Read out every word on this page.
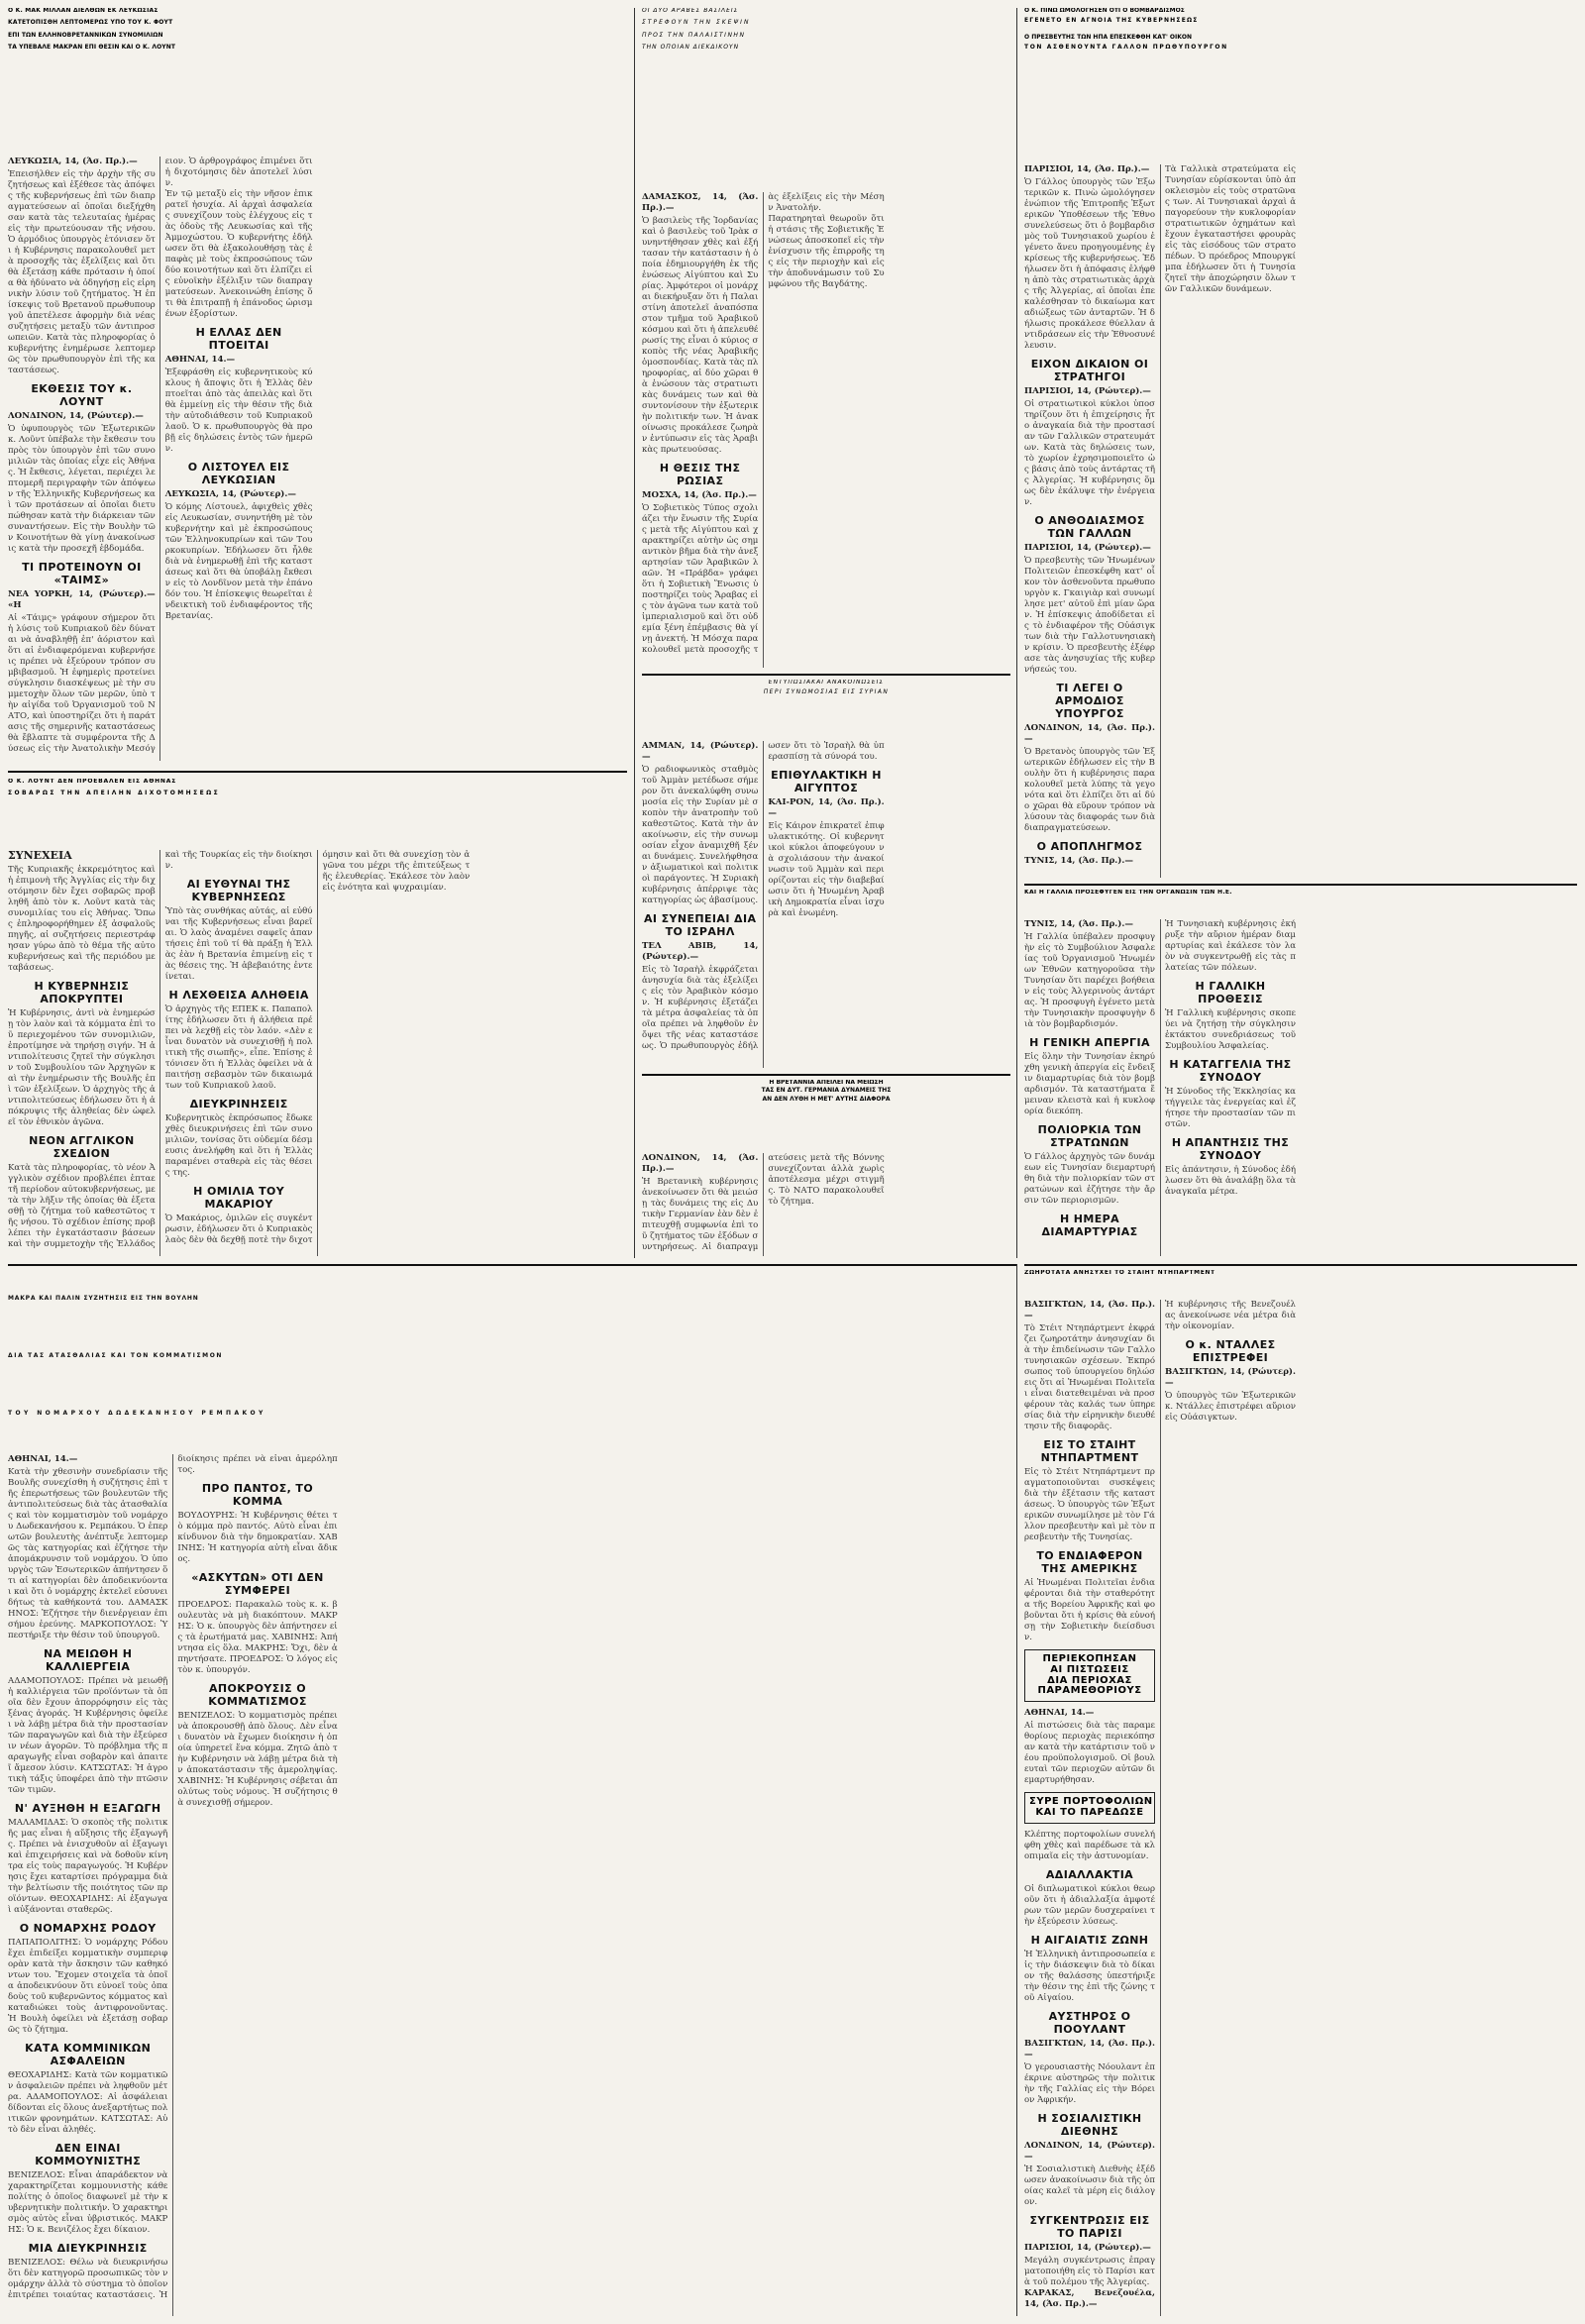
Ο Κ. ΜΑΚ ΜΙΛΛΑΝ ΔΙΕΛΘΩΝ ΕΚ ΛΕΥΚΩΣΙΑΣ
ΚΑΤΕΤΟΠΙΣΘΗ ΛΕΠΤΟΜΕΡΩΣ ΥΠΟ ΤΟΥ Κ. ΦΟΥΤ
ΕΠΙ ΤΩΝ ΕΛΛΗΝΟΒΡΕΤΑΝΝΙΚΩΝ ΣΥΝΟΜΙΛΙΩΝ
ΤΑ ΥΠΕΒΑΛΕ ΜΑΚΡΑΝ ΕΠΙ ΘΕΣΙΝ ΚΑΙ Ο Κ. ΛΟΥΝΤ

ΛΕΥΚΩΣΙΑ, 14, (Άσ. Πρ.).—

Ἐπεισήλθεν εἰς τὴν ἀρχὴν τῆς συζητήσεως καὶ ἐξέθεσε τὰς ἀπόψεις τῆς κυβερνήσεως ἐπὶ τῶν διαπραγματεύσεων αἱ ὁποῖαι διεξήχθησαν κατὰ τὰς τελευταίας ἡμέρας εἰς τὴν πρωτεύουσαν τῆς νήσου. Ὁ ἀρμόδιος ὑπουργὸς ἐτόνισεν ὅτι ἡ Κυβέρνησις παρακολουθεῖ μετὰ προσοχῆς τὰς ἐξελίξεις καὶ ὅτι θὰ ἐξετάσῃ κάθε πρότασιν ἡ ὁποία θὰ ἠδύνατο νὰ ὁδηγήσῃ εἰς εἰρηνικὴν λύσιν τοῦ ζητήματος. Ἡ ἐπίσκεψις τοῦ Βρετανοῦ πρωθυπουργοῦ ἀπετέλεσε ἀφορμὴν διὰ νέας συζητήσεις μεταξὺ τῶν ἀντιπροσωπειῶν. Κατὰ τὰς πληροφορίας ὁ κυβερνήτης ἐνημέρωσε λεπτομερῶς τὸν πρωθυπουργὸν ἐπὶ τῆς καταστάσεως.
ΕΚΘΕΣΙΣ ΤΟΥ κ. ΛΟΥΝΤ

ΛΟΝΔΙΝΟΝ, 14, (Ρώυτερ).—

Ὁ ὑφυπουργὸς τῶν Ἐξωτερικῶν κ. Λοῦντ ὑπέβαλε τὴν ἔκθεσιν του πρὸς τὸν ὑπουργὸν ἐπὶ τῶν συνομιλιῶν τὰς ὁποίας εἶχε εἰς Ἀθήνας. Ἡ ἔκθεσις, λέγεται, περιέχει λεπτομερῆ περιγραφὴν τῶν ἀπόψεων τῆς Ἑλληνικῆς Κυβερνήσεως καὶ τῶν προτάσεων αἱ ὁποῖαι διετυπώθησαν κατὰ τὴν διάρκειαν τῶν συναντήσεων. Εἰς τὴν Βουλὴν τῶν Κοινοτήτων θὰ γίνῃ ἀνακοίνωσις κατὰ τὴν προσεχῆ ἑβδομάδα.
ΤΙ ΠΡΟΤΕΙΝΟΥΝ ΟΙ «ΤΑΙΜΣ»

ΝΕΑ ΥΟΡΚΗ, 14, (Ρώυτερ).— «Η

Αἱ «Τάιμς» γράφουν σήμερον ὅτι ἡ λύσις τοῦ Κυπριακοῦ δὲν δύναται νὰ ἀναβληθῇ ἐπ' ἀόριστον καὶ ὅτι αἱ ἐνδιαφερόμεναι κυβερνήσεις πρέπει νὰ ἐξεύρουν τρόπον συμβιβασμοῦ. Ἡ ἐφημερὶς προτείνει σύγκλησιν διασκέψεως μὲ τὴν συμμετοχὴν ὅλων τῶν μερῶν, ὑπὸ τὴν αἰγίδα τοῦ Ὀργανισμοῦ τοῦ ΝΑΤΟ, καὶ ὑποστηρίζει ὅτι ἡ παράτασις τῆς σημερινῆς καταστάσεως θὰ ἔβλαπτε τὰ συμφέροντα τῆς Δύσεως εἰς τὴν Ἀνατολικὴν Μεσόγειον. Ὁ ἀρθρογράφος ἐπιμένει ὅτι ἡ διχοτόμησις δὲν ἀποτελεῖ λύσιν.
Ἐν τῷ μεταξὺ εἰς τὴν νῆσον ἐπικρατεῖ ἡσυχία. Αἱ ἀρχαὶ ἀσφαλείας συνεχίζουν τοὺς ἐλέγχους εἰς τὰς ὁδοὺς τῆς Λευκωσίας καὶ τῆς Ἀμμοχώστου. Ὁ κυβερνήτης ἐδήλωσεν ὅτι θὰ ἐξακολουθήσῃ τὰς ἐπαφὰς μὲ τοὺς ἐκπροσώπους τῶν δύο κοινοτήτων καὶ ὅτι ἐλπίζει εἰς εὐνοϊκὴν ἐξέλιξιν τῶν διαπραγματεύσεων. Ἀνεκοινώθη ἐπίσης ὅτι θὰ ἐπιτραπῇ ἡ ἐπάνοδος ὡρισμένων ἐξορίστων.
Η ΕΛΛΑΣ ΔΕΝ ΠΤΟΕΙΤΑΙ

ΑΘΗΝΑΙ, 14.—

Ἐξεφράσθη εἰς κυβερνητικοὺς κύκλους ἡ ἄποψις ὅτι ἡ Ἑλλὰς δὲν πτοεῖται ἀπὸ τὰς ἀπειλὰς καὶ ὅτι θὰ ἐμμείνῃ εἰς τὴν θέσιν τῆς διὰ τὴν αὐτοδιάθεσιν τοῦ Κυπριακοῦ λαοῦ. Ὁ κ. πρωθυπουργὸς θὰ προβῇ εἰς δηλώσεις ἐντὸς τῶν ἡμερῶν.
Ο ΛΙΣΤΟΥΕΛ ΕΙΣ ΛΕΥΚΩΣΙΑΝ

ΛΕΥΚΩΣΙΑ, 14, (Ρώυτερ).—

Ὁ κόμης Λίστουελ, ἀφιχθεὶς χθὲς εἰς Λευκωσίαν, συνηντήθη μὲ τὸν κυβερνήτην καὶ μὲ ἐκπροσώπους τῶν Ἑλληνοκυπρίων καὶ τῶν Τουρκοκυπρίων. Ἐδήλωσεν ὅτι ἦλθε διὰ νὰ ἐνημερωθῇ ἐπὶ τῆς καταστάσεως καὶ ὅτι θὰ ὑποβάλῃ ἔκθεσιν εἰς τὸ Λονδῖνον μετὰ τὴν ἐπάνοδόν του. Ἡ ἐπίσκεψις θεωρεῖται ἐνδεικτικὴ τοῦ ἐνδιαφέροντος τῆς Βρετανίας.
Ο Κ. ΛΟΥΝΤ ΔΕΝ ΠΡΟΕΒΑΛΕΝ ΕΙΣ ΑΘΗΝΑΣ
ΣΟΒΑΡΩΣ ΤΗΝ ΑΠΕΙΛΗΝ ΔΙΧΟΤΟΜΗΣΕΩΣ

ΣΥΝΕΧΕΙΑ

Τῆς Κυπριακῆς ἐκκρεμότητος καὶ ἡ ἐπιμονὴ τῆς Ἀγγλίας εἰς τὴν διχοτόμησιν δὲν ἔχει σοβαρῶς προβληθῆ ἀπὸ τὸν κ. Λοῦντ κατὰ τὰς συνομιλίας του εἰς Ἀθήνας. Ὅπως ἐπληροφορήθημεν ἐξ ἀσφαλοῦς πηγῆς, αἱ συζητήσεις περιεστράφησαν γύρω ἀπὸ τὸ θέμα τῆς αὐτοκυβερνήσεως καὶ τῆς περιόδου μεταβάσεως.
Η ΚΥΒΕΡΝΗΣΙΣ ΑΠΟΚΡΥΠΤΕΙ
Ἡ Κυβέρνησις, ἀντὶ νὰ ἐνημερώσῃ τὸν λαὸν καὶ τὰ κόμματα ἐπὶ τοῦ περιεχομένου τῶν συνομιλιῶν, ἐπροτίμησε νὰ τηρήσῃ σιγήν. Ἡ ἀντιπολίτευσις ζητεῖ τὴν σύγκλησιν τοῦ Συμβουλίου τῶν Ἀρχηγῶν καὶ τὴν ἐνημέρωσιν τῆς Βουλῆς ἐπὶ τῶν ἐξελίξεων. Ὁ ἀρχηγὸς τῆς ἀντιπολιτεύσεως ἐδήλωσεν ὅτι ἡ ἀπόκρυψις τῆς ἀληθείας δὲν ὠφελεῖ τὸν ἐθνικὸν ἀγῶνα.
ΝΕΟΝ ΑΓΓΛΙΚΟΝ ΣΧΕΔΙΟΝ
Κατὰ τὰς πληροφορίας, τὸ νέον Ἀγγλικὸν σχέδιον προβλέπει ἑπταετῆ περίοδον αὐτοκυβερνήσεως, μετὰ τὴν λῆξιν τῆς ὁποίας θὰ ἐξετασθῇ τὸ ζήτημα τοῦ καθεστῶτος τῆς νήσου. Τὸ σχέδιον ἐπίσης προβλέπει τὴν ἐγκατάστασιν βάσεων καὶ τὴν συμμετοχὴν τῆς Ἑλλάδος καὶ τῆς Τουρκίας εἰς τὴν διοίκησιν.
ΑΙ ΕΥΘΥΝΑΙ ΤΗΣ ΚΥΒΕΡΝΗΣΕΩΣ
Ὑπὸ τὰς συνθήκας αὐτάς, αἱ εὐθύναι τῆς Κυβερνήσεως εἶναι βαρεῖαι. Ὁ λαὸς ἀναμένει σαφεῖς ἀπαντήσεις ἐπὶ τοῦ τί θὰ πράξῃ ἡ Ἑλλὰς ἐὰν ἡ Βρετανία ἐπιμείνῃ εἰς τὰς θέσεις της. Ἡ ἀβεβαιότης ἐντείνεται.
Η ΛΕΧΘΕΙΣΑ ΑΛΗΘΕΙΑ
Ὁ ἀρχηγὸς τῆς ΕΠΕΚ κ. Παπαπολίτης ἐδήλωσεν ὅτι ἡ ἀλήθεια πρέπει νὰ λεχθῇ εἰς τὸν λαόν. «Δὲν εἶναι δυνατὸν νὰ συνεχισθῇ ἡ πολιτικὴ τῆς σιωπῆς», εἶπε. Ἐπίσης ἐτόνισεν ὅτι ἡ Ἑλλὰς ὀφείλει νὰ ἀπαιτήσῃ σεβασμὸν τῶν δικαιωμάτων τοῦ Κυπριακοῦ λαοῦ.
ΔΙΕΥΚΡΙΝΗΣΕΙΣ
Κυβερνητικὸς ἐκπρόσωπος ἔδωκε χθὲς διευκρινήσεις ἐπὶ τῶν συνομιλιῶν, τονίσας ὅτι οὐδεμία δέσμευσις ἀνελήφθη καὶ ὅτι ἡ Ἑλλὰς παραμένει σταθερὰ εἰς τὰς θέσεις της.
Η ΟΜΙΛΙΑ ΤΟΥ ΜΑΚΑΡΙΟΥ
Ὁ Μακάριος, ὁμιλῶν εἰς συγκέντρωσιν, ἐδήλωσεν ὅτι ὁ Κυπριακὸς λαὸς δὲν θὰ δεχθῇ ποτὲ τὴν διχοτόμησιν καὶ ὅτι θὰ συνεχίσῃ τὸν ἀγῶνα του μέχρι τῆς ἐπιτεύξεως τῆς ἐλευθερίας. Ἐκάλεσε τὸν λαὸν εἰς ἑνότητα καὶ ψυχραιμίαν.
ΟΙ ΔΥΟ ΑΡΑΒΕΣ ΒΑΣΙΛΕΙΣ
ΣΤΡΕΦΟΥΝ ΤΗΝ ΣΚΕΨΙΝ
ΠΡΟΣ ΤΗΝ ΠΑΛΑΙΣΤΙΝΗΝ
ΤΗΝ ΟΠΟΙΑΝ ΔΙΕΚΔΙΚΟΥΝ

ΔΑΜΑΣΚΟΣ, 14, (Άσ. Πρ.).—

Ὁ βασιλεὺς τῆς Ἰορδανίας καὶ ὁ βασιλεὺς τοῦ Ἰρὰκ συνηντήθησαν χθὲς καὶ ἐξήτασαν τὴν κατάστασιν ἡ ὁποία ἐδημιουργήθη ἐκ τῆς ἑνώσεως Αἰγύπτου καὶ Συρίας. Ἀμφότεροι οἱ μονάρχαι διεκήρυξαν ὅτι ἡ Παλαιστίνη ἀποτελεῖ ἀναπόσπαστον τμῆμα τοῦ Ἀραβικοῦ κόσμου καὶ ὅτι ἡ ἀπελευθέρωσίς της εἶναι ὁ κύριος σκοπὸς τῆς νέας Ἀραβικῆς ὁμοσπονδίας. Κατὰ τὰς πληροφορίας, αἱ δύο χῶραι θὰ ἑνώσουν τὰς στρατιωτικὰς δυνάμεις των καὶ θὰ συντονίσουν τὴν ἐξωτερικὴν πολιτικήν των. Ἡ ἀνακοίνωσις προκάλεσε ζωηρὰν ἐντύπωσιν εἰς τὰς Ἀραβικὰς πρωτευούσας.
Η ΘΕΣΙΣ ΤΗΣ ΡΩΣΙΑΣ

ΜΟΣΧΑ, 14, (Άσ. Πρ.).—

Ὁ Σοβιετικὸς Τύπος σχολιάζει τὴν ἕνωσιν τῆς Συρίας μετὰ τῆς Αἰγύπτου καὶ χαρακτηρίζει αὐτὴν ὡς σημαντικὸν βῆμα διὰ τὴν ἀνεξαρτησίαν τῶν Ἀραβικῶν λαῶν. Ἡ «Πράβδα» γράφει ὅτι ἡ Σοβιετικὴ Ἕνωσις ὑποστηρίζει τοὺς Ἄραβας εἰς τὸν ἀγῶνα των κατὰ τοῦ ἱμπεριαλισμοῦ καὶ ὅτι οὐδεμία ξένη ἐπέμβασις θὰ γίνῃ ἀνεκτή. Ἡ Μόσχα παρακολουθεῖ μετὰ προσοχῆς τὰς ἐξελίξεις εἰς τὴν Μέσην Ἀνατολήν.
Παρατηρηταὶ θεωροῦν ὅτι ἡ στάσις τῆς Σοβιετικῆς Ἑνώσεως ἀποσκοπεῖ εἰς τὴν ἐνίσχυσιν τῆς ἐπιρροῆς της εἰς τὴν περιοχὴν καὶ εἰς τὴν ἀποδυνάμωσιν τοῦ Συμφώνου τῆς Βαγδάτης.
ΕΝΤΥΠΩΣΙΑΚΑΙ ΑΝΑΚΟΙΝΩΣΕΙΣ
ΠΕΡΙ ΣΥΝΩΜΟΣΙΑΣ ΕΙΣ ΣΥΡΙΑΝ

ΑΜΜΑΝ, 14, (Ρώυτερ).—

Ὁ ραδιοφωνικὸς σταθμὸς τοῦ Ἀμμὰν μετέδωσε σήμερον ὅτι ἀνεκαλύφθη συνωμοσία εἰς τὴν Συρίαν μὲ σκοπὸν τὴν ἀνατροπὴν τοῦ καθεστῶτος. Κατὰ τὴν ἀνακοίνωσιν, εἰς τὴν συνωμοσίαν εἶχον ἀναμιχθῆ ξέναι δυνάμεις. Συνελήφθησαν ἀξιωματικοὶ καὶ πολιτικοὶ παράγοντες. Ἡ Συριακὴ κυβέρνησις ἀπέρριψε τὰς κατηγορίας ὡς ἀβασίμους.
ΑΙ ΣΥΝΕΠΕΙΑΙ ΔΙΑ ΤΟ ΙΣΡΑΗΛ

ΤΕΛ ΑΒΙΒ, 14, (Ρώυτερ).—

Εἰς τὸ Ἰσραὴλ ἐκφράζεται ἀνησυχία διὰ τὰς ἐξελίξεις εἰς τὸν Ἀραβικὸν κόσμον. Ἡ κυβέρνησις ἐξετάζει τὰ μέτρα ἀσφαλείας τὰ ὁποῖα πρέπει νὰ ληφθοῦν ἐν ὄψει τῆς νέας καταστάσεως. Ὁ πρωθυπουργὸς ἐδήλωσεν ὅτι τὸ Ἰσραὴλ θὰ ὑπερασπίσῃ τὰ σύνορά του.
ΕΠΙΘΥΛΑΚΤΙΚΗ Η ΑΙΓΥΠΤΟΣ

ΚΑΙ-ΡΟΝ, 14, (Άσ. Πρ.).—

Εἰς Κάιρον ἐπικρατεῖ ἐπιφυλακτικότης. Οἱ κυβερνητικοὶ κύκλοι ἀποφεύγουν νὰ σχολιάσουν τὴν ἀνακοίνωσιν τοῦ Ἀμμὰν καὶ περιορίζονται εἰς τὴν διαβεβαίωσιν ὅτι ἡ Ἡνωμένη Ἀραβικὴ Δημοκρατία εἶναι ἰσχυρὰ καὶ ἑνωμένη.
Η ΒΡΕΤΑΝΝΙΑ ΑΠΕΙΛΕΙ ΝΑ ΜΕΙΩΣΗ
ΤΑΣ ΕΝ ΔΥΤ. ΓΕΡΜΑΝΙΑ ΔΥΝΑΜΕΙΣ ΤΗΣ
ΑΝ ΔΕΝ ΛΥΘΗ Η ΜΕΤ' ΑΥΤΗΣ ΔΙΑΦΟΡΑ

ΛΟΝΔΙΝΟΝ, 14, (Άσ. Πρ.).—

Ἡ Βρετανικὴ κυβέρνησις ἀνεκοίνωσεν ὅτι θὰ μειώσῃ τὰς δυνάμεις της εἰς Δυτικὴν Γερμανίαν ἐὰν δὲν ἐπιτευχθῇ συμφωνία ἐπὶ τοῦ ζητήματος τῶν ἐξόδων συντηρήσεως. Αἱ διαπραγματεύσεις μετὰ τῆς Βόννης συνεχίζονται ἀλλὰ χωρὶς ἀποτέλεσμα μέχρι στιγμῆς. Τὸ ΝΑΤΟ παρακολουθεῖ τὸ ζήτημα.
Ο Κ. ΠΙΝΩ ΩΜΟΛΟΓΗΣΕΝ ΟΤΙ Ο ΒΟΜΒΑΡΔΙΣΜΟΣ
ΕΓΕΝΕΤΟ ΕΝ ΑΓΝΟΙΑ ΤΗΣ ΚΥΒΕΡΝΗΣΕΩΣ
Ο ΠΡΕΣΒΕΥΤΗΣ ΤΩΝ ΗΠΑ ΕΠΕΣΚΕΦΘΗ ΚΑΤ' ΟΙΚΟΝ
ΤΟΝ ΑΣΘΕΝΟΥΝΤΑ ΓΑΛΛΟΝ ΠΡΩΘΥΠΟΥΡΓΟΝ

ΠΑΡΙΣΙΟΙ, 14, (Άσ. Πρ.).—

Ὁ Γάλλος ὑπουργὸς τῶν Ἐξωτερικῶν κ. Πινὼ ὡμολόγησεν ἐνώπιον τῆς Ἐπιτροπῆς Ἐξωτερικῶν Ὑποθέσεων τῆς Ἐθνοσυνελεύσεως ὅτι ὁ βομβαρδισμὸς τοῦ Τυνησιακοῦ χωρίου ἐγένετο ἄνευ προηγουμένης ἐγκρίσεως τῆς κυβερνήσεως. Ἐδήλωσεν ὅτι ἡ ἀπόφασις ἐλήφθη ἀπὸ τὰς στρατιωτικὰς ἀρχὰς τῆς Ἀλγερίας, αἱ ὁποῖαι ἐπεκαλέσθησαν τὸ δικαίωμα καταδιώξεως τῶν ἀνταρτῶν. Ἡ δήλωσις προκάλεσε θύελλαν ἀντιδράσεων εἰς τὴν Ἐθνοσυνέλευσιν.
ΕΙΧΟΝ ΔΙΚΑΙΟΝ ΟΙ ΣΤΡΑΤΗΓΟΙ

ΠΑΡΙΣΙΟΙ, 14, (Ρώυτερ).—

Οἱ στρατιωτικοὶ κύκλοι ὑποστηρίζουν ὅτι ἡ ἐπιχείρησις ἦτο ἀναγκαία διὰ τὴν προστασίαν τῶν Γαλλικῶν στρατευμάτων. Κατὰ τὰς δηλώσεις των, τὸ χωρίον ἐχρησιμοποιεῖτο ὡς βάσις ἀπὸ τοὺς ἀντάρτας τῆς Ἀλγερίας. Ἡ κυβέρνησις ὅμως δὲν ἐκάλυψε τὴν ἐνέργειαν.
Ο ΑΝΘΟΔΙΑΣΜΟΣ ΤΩΝ ΓΑΛΛΩΝ

ΠΑΡΙΣΙΟΙ, 14, (Ρώυτερ).—

Ὁ πρεσβευτὴς τῶν Ἡνωμένων Πολιτειῶν ἐπεσκέφθη κατ' οἶκον τὸν ἀσθενοῦντα πρωθυπουργὸν κ. Γκαιγιὰρ καὶ συνωμίλησε μετ' αὐτοῦ ἐπὶ μίαν ὥραν. Ἡ ἐπίσκεψις ἀποδίδεται εἰς τὸ ἐνδιαφέρον τῆς Οὐάσιγκτων διὰ τὴν Γαλλοτυνησιακὴν κρίσιν. Ὁ πρεσβευτὴς ἐξέφρασε τὰς ἀνησυχίας τῆς κυβερνήσεώς του.
ΤΙ ΛΕΓΕΙ Ο ΑΡΜΟΔΙΟΣ ΥΠΟΥΡΓΟΣ

ΛΟΝΔΙΝΟΝ, 14, (Άσ. Πρ.).—

Ὁ Βρετανὸς ὑπουργὸς τῶν Ἐξωτερικῶν ἐδήλωσεν εἰς τὴν Βουλὴν ὅτι ἡ κυβέρνησις παρακολουθεῖ μετὰ λύπης τὰ γεγονότα καὶ ὅτι ἐλπίζει ὅτι αἱ δύο χῶραι θὰ εὕρουν τρόπον νὰ λύσουν τὰς διαφοράς των διὰ διαπραγματεύσεων.
Ο ΑΠΟΠΛΗΓΜΟΣ

ΤΥΝΙΣ, 14, (Άσ. Πρ.).—

Τὰ Γαλλικὰ στρατεύματα εἰς Τυνησίαν εὑρίσκονται ὑπὸ ἀποκλεισμὸν εἰς τοὺς στρατῶνας των. Αἱ Τυνησιακαὶ ἀρχαὶ ἀπαγορεύουν τὴν κυκλοφορίαν στρατιωτικῶν ὀχημάτων καὶ ἔχουν ἐγκαταστήσει φρουρὰς εἰς τὰς εἰσόδους τῶν στρατοπέδων. Ὁ πρόεδρος Μπουργκίμπα ἐδήλωσεν ὅτι ἡ Τυνησία ζητεῖ τὴν ἀποχώρησιν ὅλων τῶν Γαλλικῶν δυνάμεων.
ΚΑΙ Η ΓΑΛΛΙΑ ΠΡΟΣΕΦΥΓΕΝ ΕΙΣ ΤΗΝ ΟΡΓΑΝΩΣΙΝ ΤΩΝ Η.Ε.

ΤΥΝΙΣ, 14, (Άσ. Πρ.).—

Ἡ Γαλλία ὑπέβαλεν προσφυγὴν εἰς τὸ Συμβούλιον Ἀσφαλείας τοῦ Ὀργανισμοῦ Ἡνωμένων Ἐθνῶν κατηγοροῦσα τὴν Τυνησίαν ὅτι παρέχει βοήθειαν εἰς τοὺς Ἀλγερινοὺς ἀντάρτας. Ἡ προσφυγὴ ἐγένετο μετὰ τὴν Τυνησιακὴν προσφυγὴν διὰ τὸν βομβαρδισμόν.
Η ΓΕΝΙΚΗ ΑΠΕΡΓΙΑ
Εἰς ὅλην τὴν Τυνησίαν ἐκηρύχθη γενικὴ ἀπεργία εἰς ἔνδειξιν διαμαρτυρίας διὰ τὸν βομβαρδισμόν. Τὰ καταστήματα ἔμειναν κλειστὰ καὶ ἡ κυκλοφορία διεκόπη.
ΠΟΛΙΟΡΚΙΑ ΤΩΝ ΣΤΡΑΤΩΝΩΝ
Ὁ Γάλλος ἀρχηγὸς τῶν δυνάμεων εἰς Τυνησίαν διεμαρτυρήθη διὰ τὴν πολιορκίαν τῶν στρατώνων καὶ ἐζήτησε τὴν ἄρσιν τῶν περιορισμῶν.
Η ΗΜΕΡΑ ΔΙΑΜΑΡΤΥΡΙΑΣ
Ἡ Τυνησιακὴ κυβέρνησις ἐκήρυξε τὴν αὔριον ἡμέραν διαμαρτυρίας καὶ ἐκάλεσε τὸν λαὸν νὰ συγκεντρωθῇ εἰς τὰς πλατείας τῶν πόλεων.
Η ΓΑΛΛΙΚΗ ΠΡΟΘΕΣΙΣ
Ἡ Γαλλικὴ κυβέρνησις σκοπεύει νὰ ζητήσῃ τὴν σύγκλησιν ἐκτάκτου συνεδριάσεως τοῦ Συμβουλίου Ἀσφαλείας.
Η ΚΑΤΑΓΓΕΛΙΑ ΤΗΣ ΣΥΝΟΔΟΥ
Ἡ Σύνοδος τῆς Ἐκκλησίας κατήγγειλε τὰς ἐνεργείας καὶ ἐζήτησε τὴν προστασίαν τῶν πιστῶν.
Η ΑΠΑΝΤΗΣΙΣ ΤΗΣ ΣΥΝΟΔΟΥ
Εἰς ἀπάντησιν, ἡ Σύνοδος ἐδήλωσεν ὅτι θὰ ἀναλάβῃ ὅλα τὰ ἀναγκαῖα μέτρα.
ΜΑΚΡΑ ΚΑΙ ΠΑΛΙΝ ΣΥΖΗΤΗΣΙΣ ΕΙΣ ΤΗΝ ΒΟΥΛΗΝ
ΔΙΑ ΤΑΣ ΑΤΑΣΘΑΛΙΑΣ ΚΑΙ ΤΟΝ ΚΟΜΜΑΤΙΣΜΟΝ
ΤΟΥ ΝΟΜΑΡΧΟΥ ΔΩΔΕΚΑΝΗΣΟΥ ΡΕΜΠΑΚΟΥ

ΑΘΗΝΑΙ, 14.—

Κατὰ τὴν χθεσινὴν συνεδρίασιν τῆς Βουλῆς συνεχίσθη ἡ συζήτησις ἐπὶ τῆς ἐπερωτήσεως τῶν βουλευτῶν τῆς ἀντιπολιτεύσεως διὰ τὰς ἀτασθαλίας καὶ τὸν κομματισμὸν τοῦ νομάρχου Δωδεκανήσου κ. Ρεμπάκου. Ὁ ἐπερωτῶν βουλευτὴς ἀνέπτυξε λεπτομερῶς τὰς κατηγορίας καὶ ἐζήτησε τὴν ἀπομάκρυνσιν τοῦ νομάρχου. Ὁ ὑπουργὸς τῶν Ἐσωτερικῶν ἀπήντησεν ὅτι αἱ κατηγορίαι δὲν ἀποδεικνύονται καὶ ὅτι ὁ νομάρχης ἐκτελεῖ εὐσυνειδήτως τὰ καθήκοντά του. ΔΑΜΑΣΚΗΝΟΣ: Ἐζήτησε τὴν διενέργειαν ἐπισήμου ἐρεύνης. ΜΑΡΚΟΠΟΥΛΟΣ: Ὑπεστήριξε τὴν θέσιν τοῦ ὑπουργοῦ.
ΝΑ ΜΕΙΩΘΗ Η ΚΑΛΛΙΕΡΓΕΙΑ
ΑΔΑΜΟΠΟΥΛΟΣ: Πρέπει νὰ μειωθῇ ἡ καλλιέργεια τῶν προϊόντων τὰ ὁποῖα δὲν ἔχουν ἀπορρόφησιν εἰς τὰς ξένας ἀγοράς. Ἡ Κυβέρνησις ὀφείλει νὰ λάβῃ μέτρα διὰ τὴν προστασίαν τῶν παραγωγῶν καὶ διὰ τὴν ἐξεύρεσιν νέων ἀγορῶν. Τὸ πρόβλημα τῆς παραγωγῆς εἶναι σοβαρὸν καὶ ἀπαιτεῖ ἄμεσον λύσιν. ΚΑΤΣΩΤΑΣ: Ἡ ἀγροτικὴ τάξις ὑποφέρει ἀπὸ τὴν πτῶσιν τῶν τιμῶν.
Ν' ΑΥΞΗΘΗ Η ΕΞΑΓΩΓΗ
ΜΑΛΑΜΙΔΑΣ: Ὁ σκοπὸς τῆς πολιτικῆς μας εἶναι ἡ αὔξησις τῆς ἐξαγωγῆς. Πρέπει νὰ ἐνισχυθοῦν αἱ ἐξαγωγικαὶ ἐπιχειρήσεις καὶ νὰ δοθοῦν κίνητρα εἰς τοὺς παραγωγούς. Ἡ Κυβέρνησις ἔχει καταρτίσει πρόγραμμα διὰ τὴν βελτίωσιν τῆς ποιότητος τῶν προϊόντων. ΘΕΟΧΑΡΙΔΗΣ: Αἱ ἐξαγωγαὶ αὐξάνονται σταθερῶς.
Ο ΝΟΜΑΡΧΗΣ ΡΟΔΟΥ
ΠΑΠΑΠΟΛΙΤΗΣ: Ὁ νομάρχης Ρόδου ἔχει ἐπιδείξει κομματικὴν συμπεριφορὰν κατὰ τὴν ἄσκησιν τῶν καθηκόντων του. Ἔχομεν στοιχεῖα τὰ ὁποῖα ἀποδεικνύουν ὅτι εὐνοεῖ τοὺς ὀπαδοὺς τοῦ κυβερνῶντος κόμματος καὶ καταδιώκει τοὺς ἀντιφρονοῦντας. Ἡ Βουλὴ ὀφείλει νὰ ἐξετάσῃ σοβαρῶς τὸ ζήτημα.
ΚΑΤΑ ΚΟΜΜΙΝΙΚΩΝ ΑΣΦΑΛΕΙΩΝ
ΘΕΟΧΑΡΙΔΗΣ: Κατὰ τῶν κομματικῶν ἀσφαλειῶν πρέπει νὰ ληφθοῦν μέτρα. ΑΔΑΜΟΠΟΥΛΟΣ: Αἱ ἀσφάλειαι δίδονται εἰς ὅλους ἀνεξαρτήτως πολιτικῶν φρονημάτων. ΚΑΤΣΩΤΑΣ: Αὐτὸ δὲν εἶναι ἀληθές.
ΔΕΝ ΕΙΝΑΙ ΚΟΜΜΟΥΝΙΣΤΗΣ
ΒΕΝΙΖΕΛΟΣ: Εἶναι ἀπαράδεκτον νὰ χαρακτηρίζεται κομμουνιστὴς κάθε πολίτης ὁ ὁποῖος διαφωνεῖ μὲ τὴν κυβερνητικὴν πολιτικήν. Ὁ χαρακτηρισμὸς αὐτὸς εἶναι ὑβριστικός. ΜΑΚΡΗΣ: Ὁ κ. Βενιζέλος ἔχει δίκαιον.
ΜΙΑ ΔΙΕΥΚΡΙΝΗΣΙΣ
ΒΕΝΙΖΕΛΟΣ: Θέλω νὰ διευκρινήσω ὅτι δὲν κατηγορῶ προσωπικῶς τὸν νομάρχην ἀλλὰ τὸ σύστημα τὸ ὁποῖον ἐπιτρέπει τοιαύτας καταστάσεις. Ἡ διοίκησις πρέπει νὰ εἶναι ἀμερόληπτος.
ΠΡΟ ΠΑΝΤΟΣ, ΤΟ ΚΟΜΜΑ
ΒΟΥΔΟΥΡΗΣ: Ἡ Κυβέρνησις θέτει τὸ κόμμα πρὸ παντός. Αὐτὸ εἶναι ἐπικίνδυνον διὰ τὴν δημοκρατίαν. ΧΑΒΙΝΗΣ: Ἡ κατηγορία αὐτὴ εἶναι ἄδικος.
«ΑΣΚΥΤΩΝ» ΟΤΙ ΔΕΝ ΣΥΜΦΕΡΕΙ
ΠΡΟΕΔΡΟΣ: Παρακαλῶ τοὺς κ. κ. βουλευτὰς νὰ μὴ διακόπτουν. ΜΑΚΡΗΣ: Ὁ κ. ὑπουργὸς δὲν ἀπήντησεν εἰς τὰ ἐρωτήματά μας. ΧΑΒΙΝΗΣ: Ἀπήντησα εἰς ὅλα. ΜΑΚΡΗΣ: Ὄχι, δὲν ἀπηντήσατε. ΠΡΟΕΔΡΟΣ: Ὁ λόγος εἰς τὸν κ. ὑπουργόν.
ΑΠΟΚΡΟΥΣΙΣ Ο ΚΟΜΜΑΤΙΣΜΟΣ
ΒΕΝΙΖΕΛΟΣ: Ὁ κομματισμὸς πρέπει νὰ ἀποκρουσθῇ ἀπὸ ὅλους. Δὲν εἶναι δυνατὸν νὰ ἔχωμεν διοίκησιν ἡ ὁποία ὑπηρετεῖ ἕνα κόμμα. Ζητῶ ἀπὸ τὴν Κυβέρνησιν νὰ λάβῃ μέτρα διὰ τὴν ἀποκατάστασιν τῆς ἀμεροληψίας. ΧΑΒΙΝΗΣ: Ἡ Κυβέρνησις σέβεται ἀπολύτως τοὺς νόμους. Ἡ συζήτησις θὰ συνεχισθῇ σήμερον.
ΖΩΗΡΟΤΑΤΑ ΑΝΗΣΥΧΕΙ ΤΟ ΣΤΑΙΗΤ ΝΤΗΠΑΡΤΜΕΝΤ

ΒΑΣΙΓΚΤΩΝ, 14, (Άσ. Πρ.).—

Τὸ Στέιτ Ντηπάρτμεντ ἐκφράζει ζωηροτάτην ἀνησυχίαν διὰ τὴν ἐπιδείνωσιν τῶν Γαλλοτυνησιακῶν σχέσεων. Ἐκπρόσωπος τοῦ ὑπουργείου δηλώσεις ὅτι αἱ Ἡνωμέναι Πολιτεῖαι εἶναι διατεθειμέναι νὰ προσφέρουν τὰς καλάς των ὑπηρεσίας διὰ τὴν εἰρηνικὴν διευθέτησιν τῆς διαφορᾶς.
ΕΙΣ ΤΟ ΣΤΑΙΗΤ ΝΤΗΠΑΡΤΜΕΝΤ
Εἰς τὸ Στέιτ Ντηπάρτμεντ πραγματοποιοῦνται συσκέψεις διὰ τὴν ἐξέτασιν τῆς καταστάσεως. Ὁ ὑπουργὸς τῶν Ἐξωτερικῶν συνωμίλησε μὲ τὸν Γάλλον πρεσβευτὴν καὶ μὲ τὸν πρεσβευτὴν τῆς Τυνησίας.
ΤΟ ΕΝΔΙΑΦΕΡΟΝ ΤΗΣ ΑΜΕΡΙΚΗΣ
Αἱ Ἡνωμέναι Πολιτεῖαι ἐνδιαφέρονται διὰ τὴν σταθερότητα τῆς Βορείου Ἀφρικῆς καὶ φοβοῦνται ὅτι ἡ κρίσις θὰ εὐνοήσῃ τὴν Σοβιετικὴν διείσδυσιν.
ΠΕΡΙΕΚΟΠΗΣΑΝ
ΑΙ ΠΙΣΤΩΣΕΙΣ
ΔΙΑ ΠΕΡΙΟΧΑΣ
ΠΑΡΑΜΕΘΟΡΙΟΥΣ

ΑΘΗΝΑΙ, 14.—

Αἱ πιστώσεις διὰ τὰς παραμεθορίους περιοχὰς περιεκόπησαν κατὰ τὴν κατάρτισιν τοῦ νέου προϋπολογισμοῦ. Οἱ βουλευταὶ τῶν περιοχῶν αὐτῶν διεμαρτυρήθησαν.
ΣΥΡΕ ΠΟΡΤΟΦΟΛΙΩΝ
ΚΑΙ ΤΟ ΠΑΡΕΔΩΣΕ
Κλέπτης πορτοφολίων συνελήφθη χθὲς καὶ παρέδωσε τὰ κλοπιμαῖα εἰς τὴν ἀστυνομίαν.
ΑΔΙΑΛΛΑΚΤΙΑ
Οἱ διπλωματικοὶ κύκλοι θεωροῦν ὅτι ἡ ἀδιαλλαξία ἀμφοτέρων τῶν μερῶν δυσχεραίνει τὴν ἐξεύρεσιν λύσεως.
Η ΑΙΓΑΙΑΤΙΣ ΖΩΝΗ
Ἡ Ἑλληνικὴ ἀντιπροσωπεία εἰς τὴν διάσκεψιν διὰ τὸ δίκαιον τῆς θαλάσσης ὑπεστήριξε τὴν θέσιν της ἐπὶ τῆς ζώνης τοῦ Αἰγαίου.
ΑΥΣΤΗΡΟΣ Ο ΠΟΟΥΛΑΝΤ

ΒΑΣΙΓΚΤΩΝ, 14, (Άσ. Πρ.).—

Ὁ γερουσιαστὴς Νόουλαντ ἐπέκρινε αὐστηρῶς τὴν πολιτικὴν τῆς Γαλλίας εἰς τὴν Βόρειον Ἀφρικήν.
Η ΣΟΣΙΑΛΙΣΤΙΚΗ ΔΙΕΘΝΗΣ

ΛΟΝΔΙΝΟΝ, 14, (Ρώυτερ).—

Ἡ Σοσιαλιστικὴ Διεθνὴς ἐξέδωσεν ἀνακοίνωσιν διὰ τῆς ὁποίας καλεῖ τὰ μέρη εἰς διάλογον.
ΣΥΓΚΕΝΤΡΩΣΙΣ ΕΙΣ ΤΟ ΠΑΡΙΣΙ

ΠΑΡΙΣΙΟΙ, 14, (Ρώυτερ).—

Μεγάλη συγκέντρωσις ἐπραγματοποιήθη εἰς τὸ Παρίσι κατὰ τοῦ πολέμου τῆς Ἀλγερίας.

ΚΑΡΑΚΑΣ, Βενεζουέλα, 14, (Άσ. Πρ.).—

Ἡ κυβέρνησις τῆς Βενεζουέλας ἀνεκοίνωσε νέα μέτρα διὰ τὴν οἰκονομίαν.
Ο κ. ΝΤΑΛΛΕΣ ΕΠΙΣΤΡΕΦΕΙ

ΒΑΣΙΓΚΤΩΝ, 14, (Ρώυτερ).—

Ὁ ὑπουργὸς τῶν Ἐξωτερικῶν κ. Ντάλλες ἐπιστρέφει αὔριον εἰς Οὐάσιγκτων.
